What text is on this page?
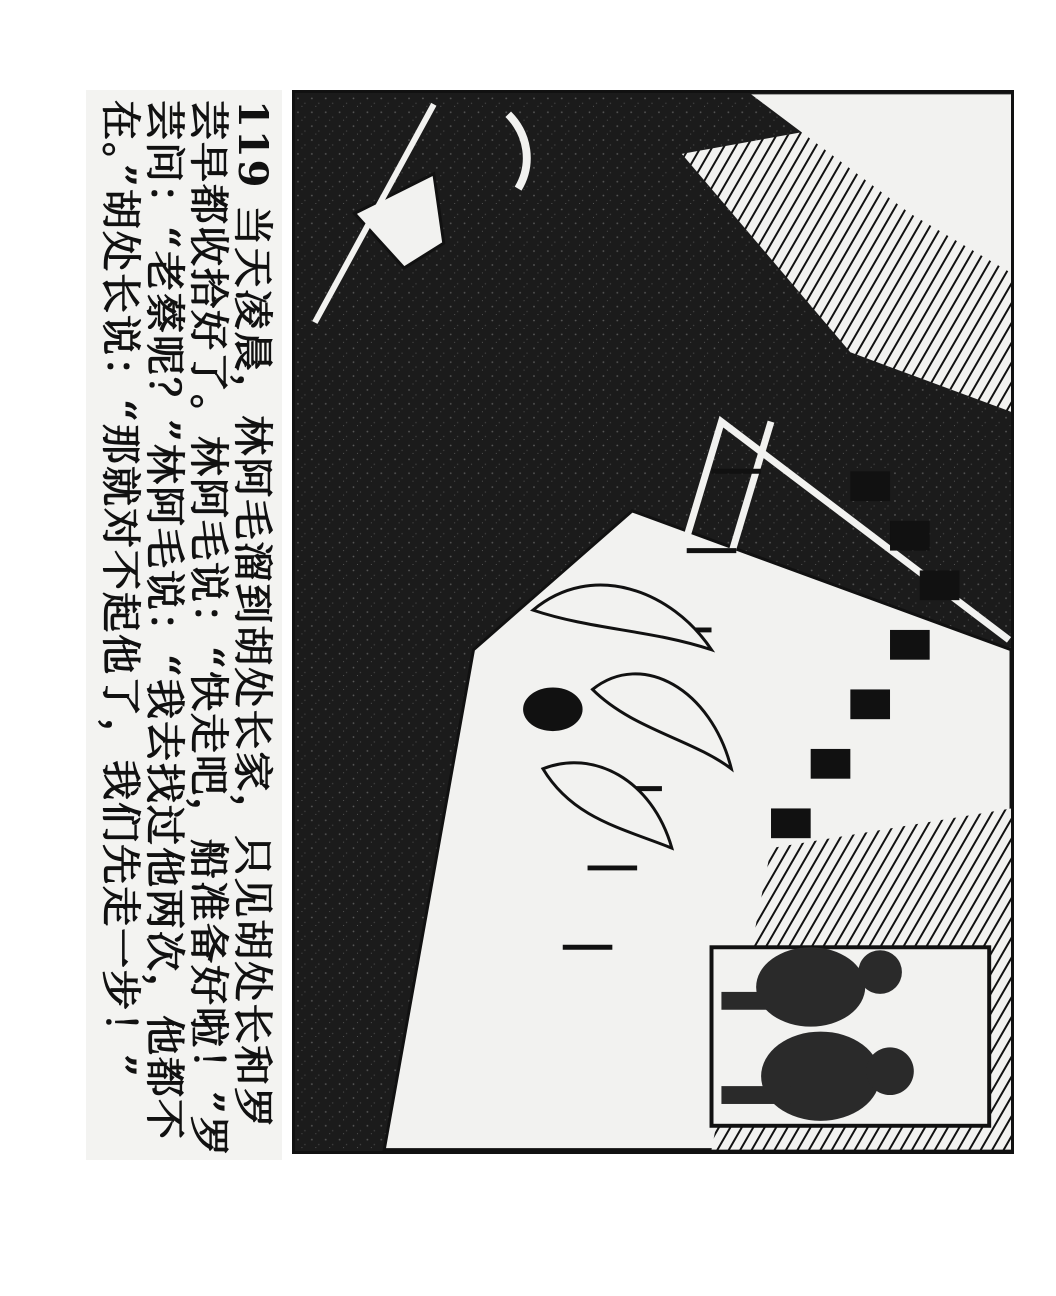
119 当天凌晨，林阿毛溜到胡处长家，只见胡处长和罗
芸早都收拾好了。林阿毛说：“快走吧，船准备好啦！”罗
芸问：“老蔡呢？”林阿毛说：“我去找过他两次，他都不
在。”胡处长说：“那就对不起他了，我们先走一步！”
